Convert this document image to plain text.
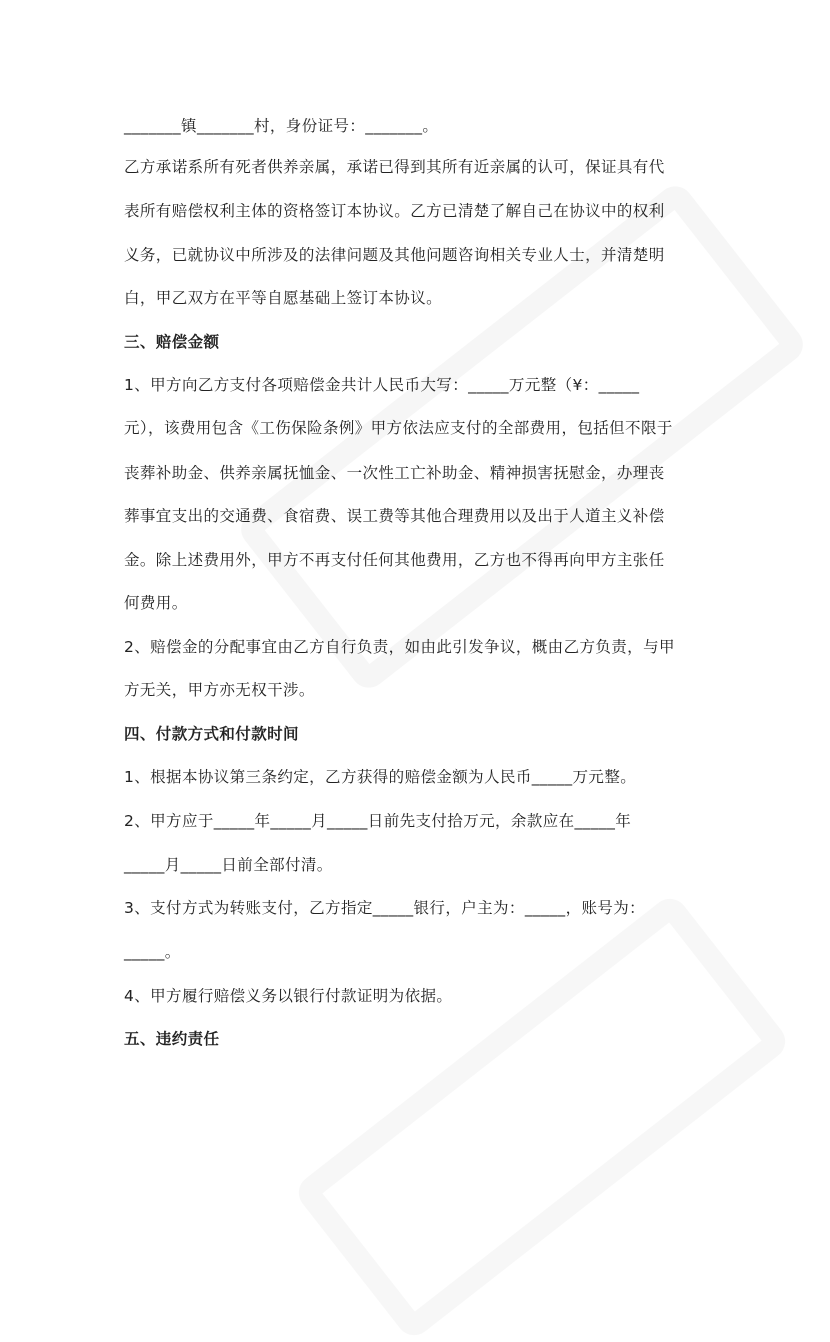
_______镇_______村，身份证号：_______。
乙方承诺系所有死者供养亲属，承诺已得到其所有近亲属的认可，保证具有代
表所有赔偿权利主体的资格签订本协议。乙方已清楚了解自己在协议中的权利
义务，已就协议中所涉及的法律问题及其他问题咨询相关专业人士，并清楚明
白，甲乙双方在平等自愿基础上签订本协议。
三、赔偿金额
1、甲方向乙方支付各项赔偿金共计人民币大写：_____万元整（¥：_____
元），该费用包含《工伤保险条例》甲方依法应支付的全部费用，包括但不限于
丧葬补助金、供养亲属抚恤金、一次性工亡补助金、精神损害抚慰金，办理丧
葬事宜支出的交通费、食宿费、误工费等其他合理费用以及出于人道主义补偿
金。除上述费用外，甲方不再支付任何其他费用，乙方也不得再向甲方主张任
何费用。
2、赔偿金的分配事宜由乙方自行负责，如由此引发争议，概由乙方负责，与甲
方无关，甲方亦无权干涉。
四、付款方式和付款时间
1、根据本协议第三条约定，乙方获得的赔偿金额为人民币_____万元整。
2、甲方应于_____年_____月_____日前先支付拾万元，余款应在_____年
_____月_____日前全部付清。
3、支付方式为转账支付，乙方指定_____银行，户主为：_____，账号为：
_____。
4、甲方履行赔偿义务以银行付款证明为依据。
五、违约责任
